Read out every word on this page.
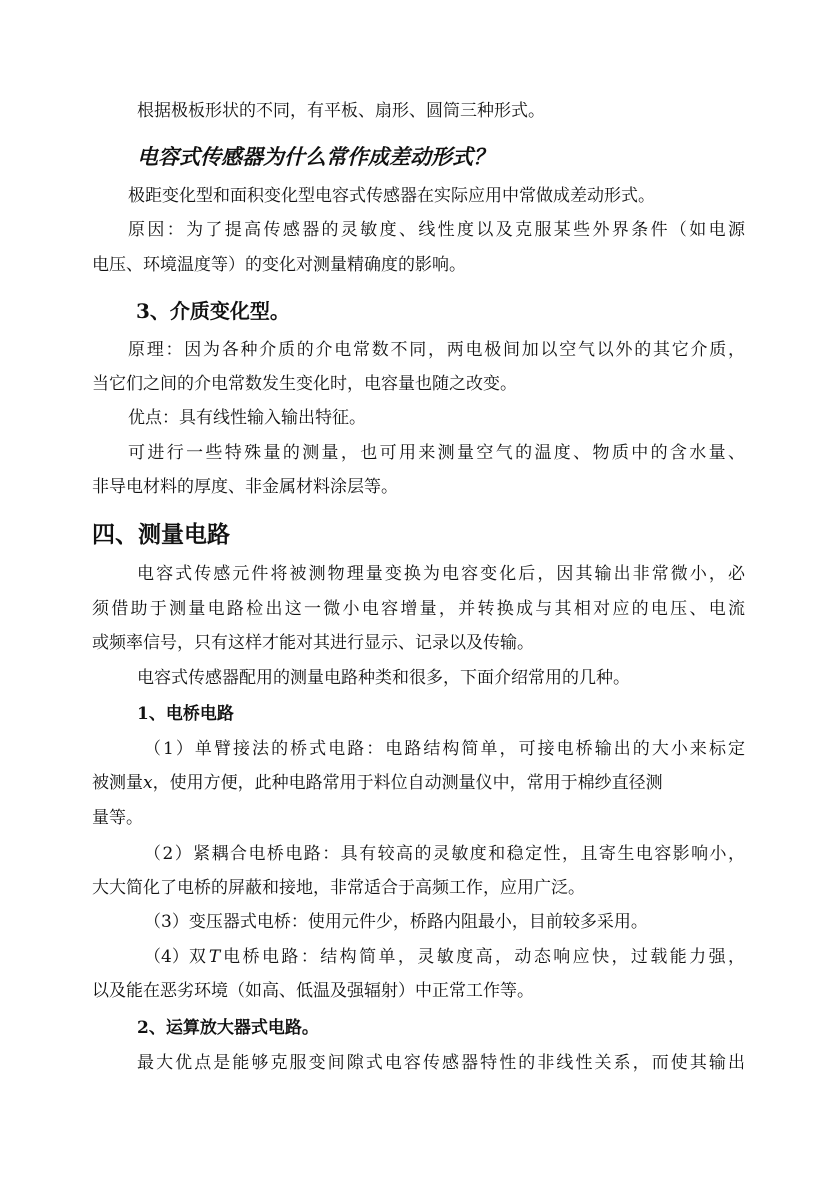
根据极板形状的不同，有平板、扇形、圆筒三种形式。
电容式传感器为什么常作成差动形式？
极距变化型和面积变化型电容式传感器在实际应用中常做成差动形式。
原因：为了提高传感器的灵敏度、线性度以及克服某些外界条件（如电源
电压、环境温度等）的变化对测量精确度的影响。
3、介质变化型。
原理：因为各种介质的介电常数不同，两电极间加以空气以外的其它介质，
当它们之间的介电常数发生变化时，电容量也随之改变。
优点：具有线性输入输出特征。
可进行一些特殊量的测量，也可用来测量空气的温度、物质中的含水量、
非导电材料的厚度、非金属材料涂层等。
四、测量电路
电容式传感元件将被测物理量变换为电容变化后，因其输出非常微小，必
须借助于测量电路检出这一微小电容增量，并转换成与其相对应的电压、电流
或频率信号，只有这样才能对其进行显示、记录以及传输。
电容式传感器配用的测量电路种类和很多，下面介绍常用的几种。
1、电桥电路
（1）单臂接法的桥式电路：电路结构简单，可接电桥输出的大小来标定
被测量x，使用方便，此种电路常用于料位自动测量仪中，常用于棉纱直径测
量等。
（2）紧耦合电桥电路：具有较高的灵敏度和稳定性，且寄生电容影响小，
大大简化了电桥的屏蔽和接地，非常适合于高频工作，应用广泛。
（3）变压器式电桥：使用元件少，桥路内阻最小，目前较多采用。
（4）双 T 电桥电路：结构简单，灵敏度高，动态响应快，过载能力强，
以及能在恶劣环境（如高、低温及强辐射）中正常工作等。
2、运算放大器式电路。
最大优点是能够克服变间隙式电容传感器特性的非线性关系，而使其输出
